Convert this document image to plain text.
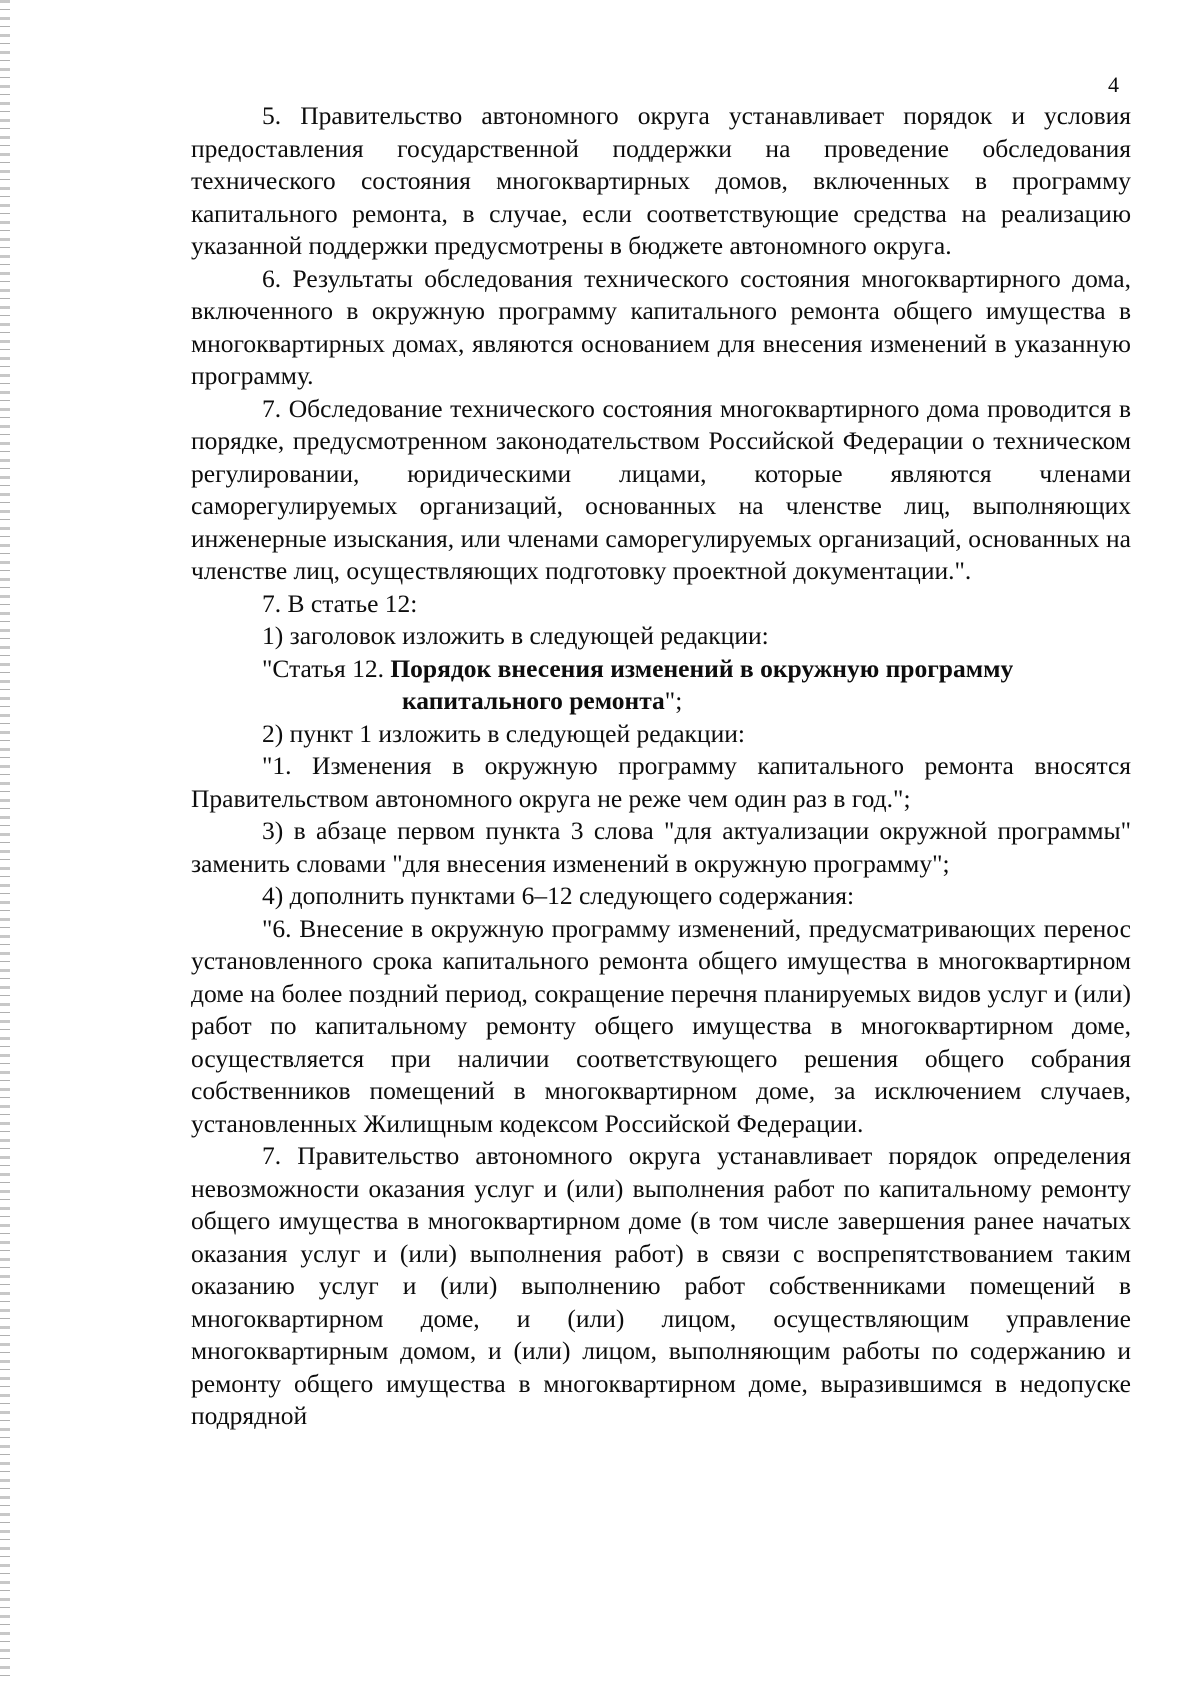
4

5. Правительство автономного округа устанавливает порядок и условия предоставления государственной поддержки на проведение обследования технического состояния многоквартирных домов, включенных в программу капитального ремонта, в случае, если соответствующие средства на реализацию указанной поддержки предусмотрены в бюджете автономного округа.

6. Результаты обследования технического состояния многоквартирного дома, включенного в окружную программу капитального ремонта общего имущества в многоквартирных домах, являются основанием для внесения изменений в указанную программу.

7. Обследование технического состояния многоквартирного дома проводится в порядке, предусмотренном законодательством Российской Федерации о техническом регулировании, юридическими лицами, которые являются членами саморегулируемых организаций, основанных на членстве лиц, выполняющих инженерные изыскания, или членами саморегулируемых организаций, основанных на членстве лиц, осуществляющих подготовку проектной документации.".

7. В статье 12:

1) заголовок изложить в следующей редакции:

"Статья 12. Порядок внесения изменений в окружную программу

капитального ремонта";

2) пункт 1 изложить в следующей редакции:

"1. Изменения в окружную программу капитального ремонта вносятся Правительством автономного округа не реже чем один раз в год.";

3) в абзаце первом пункта 3 слова "для актуализации окружной программы" заменить словами "для внесения изменений в окружную программу";

4) дополнить пунктами 6–12 следующего содержания:

"6. Внесение в окружную программу изменений, предусматривающих перенос установленного срока капитального ремонта общего имущества в многоквартирном доме на более поздний период, сокращение перечня планируемых видов услуг и (или) работ по капитальному ремонту общего имущества в многоквартирном доме, осуществляется при наличии соответствующего решения общего собрания собственников помещений в многоквартирном доме, за исключением случаев, установленных Жилищным кодексом Российской Федерации.

7. Правительство автономного округа устанавливает порядок определения невозможности оказания услуг и (или) выполнения работ по капитальному ремонту общего имущества в многоквартирном доме (в том числе завершения ранее начатых оказания услуг и (или) выполнения работ) в связи с воспрепятствованием таким оказанию услуг и (или) выполнению работ собственниками помещений в многоквартирном доме, и (или) лицом, осуществляющим управление многоквартирным домом, и (или) лицом, выполняющим работы по содержанию и ремонту общего имущества в многоквартирном доме, выразившимся в недопуске подрядной
